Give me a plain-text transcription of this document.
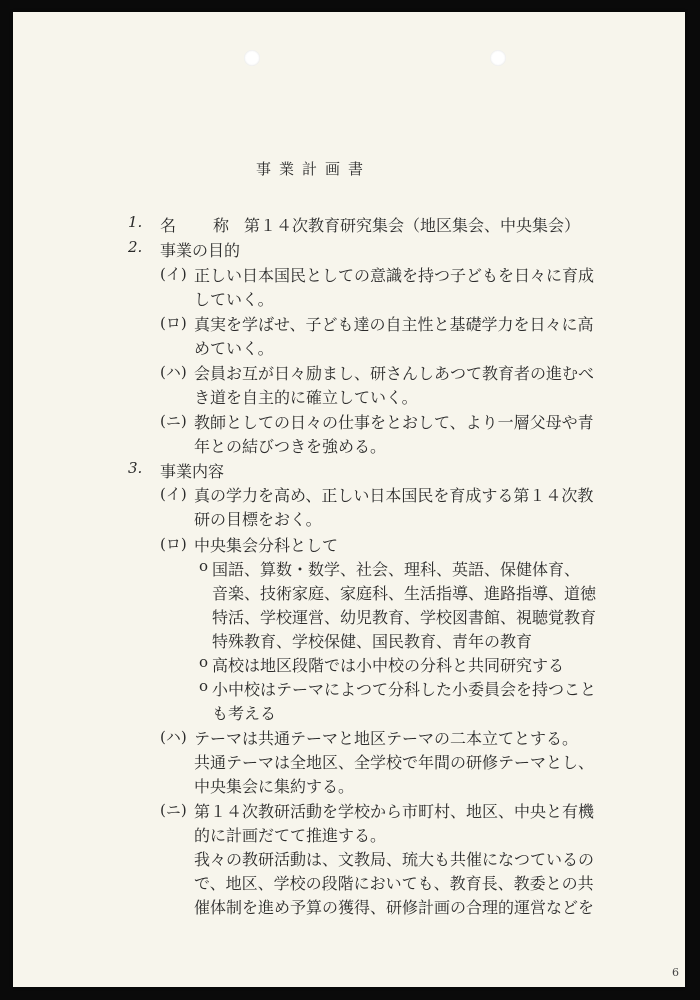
事業計画書
1. 名 称 第１４次教育研究集会（地区集会、中央集会）
2. 事業の目的
(イ) 正しい日本国民としての意識を持つ子どもを日々に育成
していく。
(ロ) 真実を学ばせ、子ども達の自主性と基礎学力を日々に高
めていく。
(ハ) 会員お互が日々励まし、研さんしあつて教育者の進むべ
き道を自主的に確立していく。
(ニ) 教師としての日々の仕事をとおして、より一層父母や青
年との結びつきを強める。
3. 事業内容
(イ) 真の学力を高め、正しい日本国民を育成する第１４次教
研の目標をおく。
(ロ) 中央集会分科として
o 国語、算数・数学、社会、理科、英語、保健体育、
音楽、技術家庭、家庭科、生活指導、進路指導、道徳
特活、学校運営、幼児教育、学校図書館、視聴覚教育
特殊教育、学校保健、国民教育、青年の教育
o 高校は地区段階では小中校の分科と共同研究する
o 小中校はテーマによつて分科した小委員会を持つこと
も考える
(ハ) テーマは共通テーマと地区テーマの二本立てとする。
共通テーマは全地区、全学校で年間の研修テーマとし、
中央集会に集約する。
(ニ) 第１４次教研活動を学校から市町村、地区、中央と有機
的に計画だてて推進する。
我々の教研活動は、文教局、琉大も共催になつているの
で、地区、学校の段階においても、教育長、教委との共
催体制を進め予算の獲得、研修計画の合理的運営などを
6
